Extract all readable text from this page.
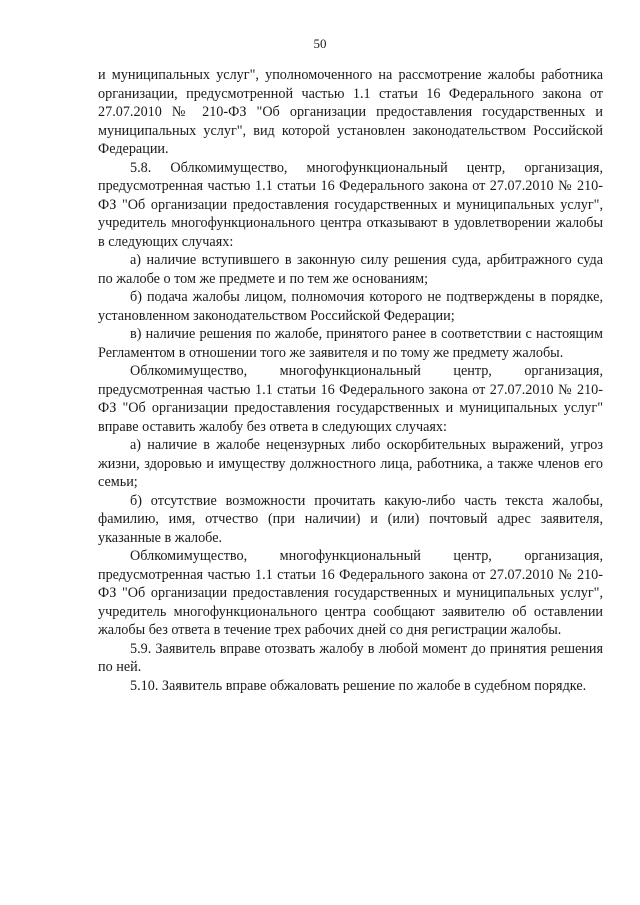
50

и муниципальных услуг", уполномоченного на рассмотрение жалобы работника организации, предусмотренной частью 1.1 статьи 16 Федерального закона от 27.07.2010 № 210-ФЗ "Об организации предоставления государственных и муниципальных услуг", вид которой установлен законодательством Российской Федерации.

5.8. Облкомимущество, многофункциональный центр, организация, предусмотренная частью 1.1 статьи 16 Федерального закона от 27.07.2010 № 210-ФЗ "Об организации предоставления государственных и муниципальных услуг", учредитель многофункционального центра отказывают в удовлетворении жалобы в следующих случаях:

а) наличие вступившего в законную силу решения суда, арбитражного суда по жалобе о том же предмете и по тем же основаниям;

б) подача жалобы лицом, полномочия которого не подтверждены в порядке, установленном законодательством Российской Федерации;

в) наличие решения по жалобе, принятого ранее в соответствии с настоящим Регламентом в отношении того же заявителя и по тому же предмету жалобы.

Облкомимущество, многофункциональный центр, организация, предусмотренная частью 1.1 статьи 16 Федерального закона от 27.07.2010 № 210-ФЗ "Об организации предоставления государственных и муниципальных услуг" вправе оставить жалобу без ответа в следующих случаях:

а) наличие в жалобе нецензурных либо оскорбительных выражений, угроз жизни, здоровью и имуществу должностного лица, работника, а также членов его семьи;

б) отсутствие возможности прочитать какую-либо часть текста жалобы, фамилию, имя, отчество (при наличии) и (или) почтовый адрес заявителя, указанные в жалобе.

Облкомимущество, многофункциональный центр, организация, предусмотренная частью 1.1 статьи 16 Федерального закона от 27.07.2010 № 210-ФЗ "Об организации предоставления государственных и муниципальных услуг", учредитель многофункционального центра сообщают заявителю об оставлении жалобы без ответа в течение трех рабочих дней со дня регистрации жалобы.

5.9. Заявитель вправе отозвать жалобу в любой момент до принятия решения по ней.

5.10. Заявитель вправе обжаловать решение по жалобе в судебном порядке.
